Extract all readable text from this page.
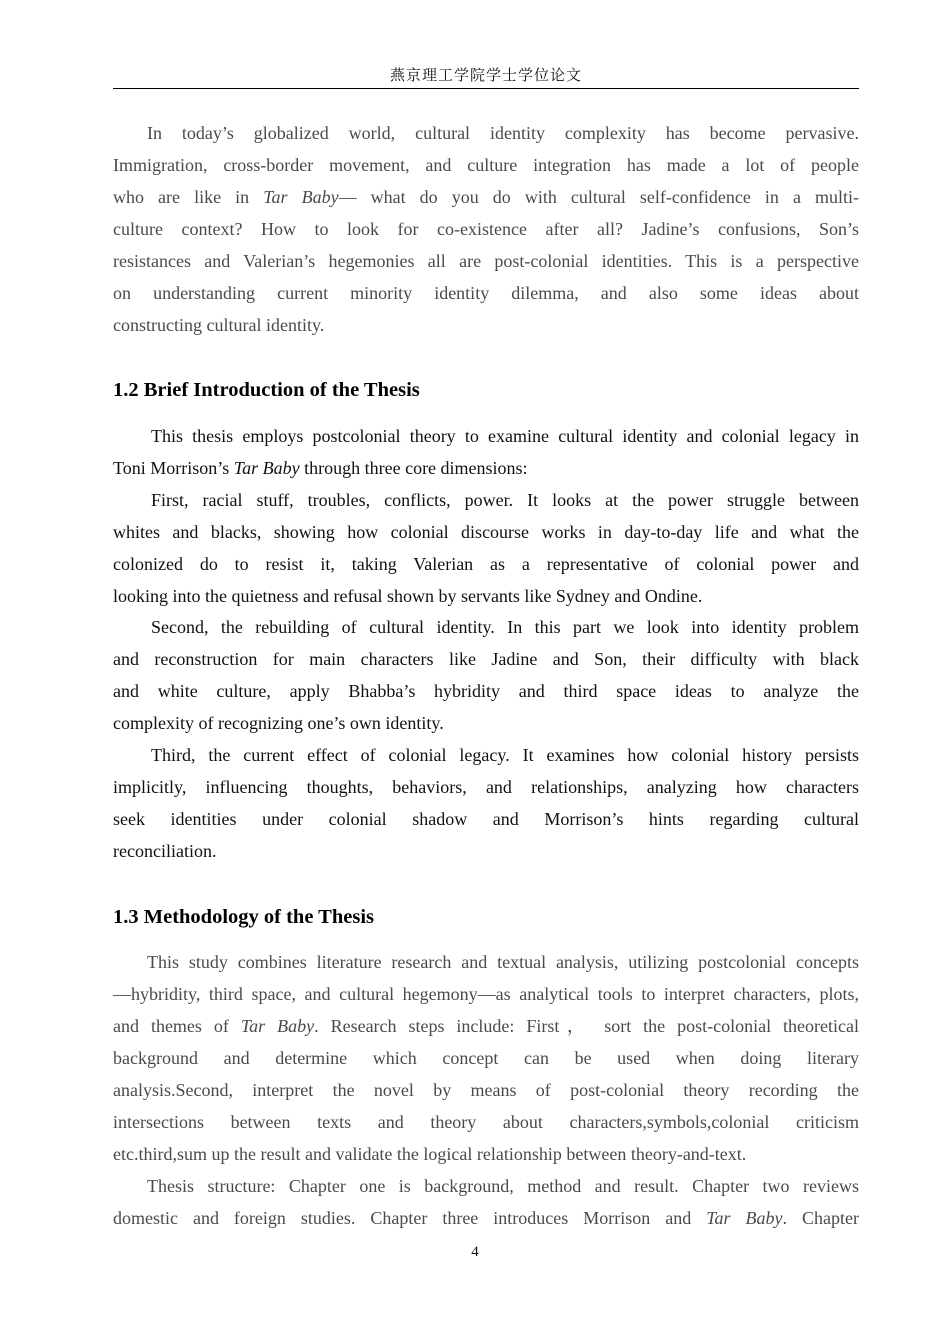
燕京理工学院学士学位论文
In today’s globalized world, cultural identity complexity has become pervasive.
Immigration, cross-border movement, and culture integration has made a lot of people
who are like in Tar Baby— what do you do with cultural self-confidence in a multi-
culture context? How to look for co-existence after all? Jadine’s confusions, Son’s
resistances and Valerian’s hegemonies all are post-colonial identities. This is a perspective
on understanding current minority identity dilemma, and also some ideas about
constructing cultural identity.
1.2 Brief Introduction of the Thesis
This thesis employs postcolonial theory to examine cultural identity and colonial legacy in
Toni Morrison’s Tar Baby through three core dimensions:
First, racial stuff, troubles, conflicts, power. It looks at the power struggle between
whites and blacks, showing how colonial discourse works in day-to-day life and what the
colonized do to resist it, taking Valerian as a representative of colonial power and
looking into the quietness and refusal shown by servants like Sydney and Ondine.
Second, the rebuilding of cultural identity. In this part we look into identity problem
and reconstruction for main characters like Jadine and Son, their difficulty with black
and white culture, apply Bhabba’s hybridity and third space ideas to analyze the
complexity of recognizing one’s own identity.
Third, the current effect of colonial legacy. It examines how colonial history persists
implicitly, influencing thoughts, behaviors, and relationships, analyzing how characters
seek identities under colonial shadow and Morrison’s hints regarding cultural
reconciliation.
1.3 Methodology of the Thesis
This study combines literature research and textual analysis, utilizing postcolonial concepts
—hybridity, third space, and cultural hegemony—as analytical tools to interpret characters, plots,
and themes of Tar Baby. Research steps include: First， sort the post-colonial theoretical
background and determine which concept can be used when doing literary
analysis.Second, interpret the novel by means of post-colonial theory recording the
intersections between texts and theory about characters,symbols,colonial criticism
etc.third,sum up the result and validate the logical relationship between theory-and-text.
Thesis structure: Chapter one is background, method and result. Chapter two reviews
domestic and foreign studies. Chapter three introduces Morrison and Tar Baby. Chapter
4
